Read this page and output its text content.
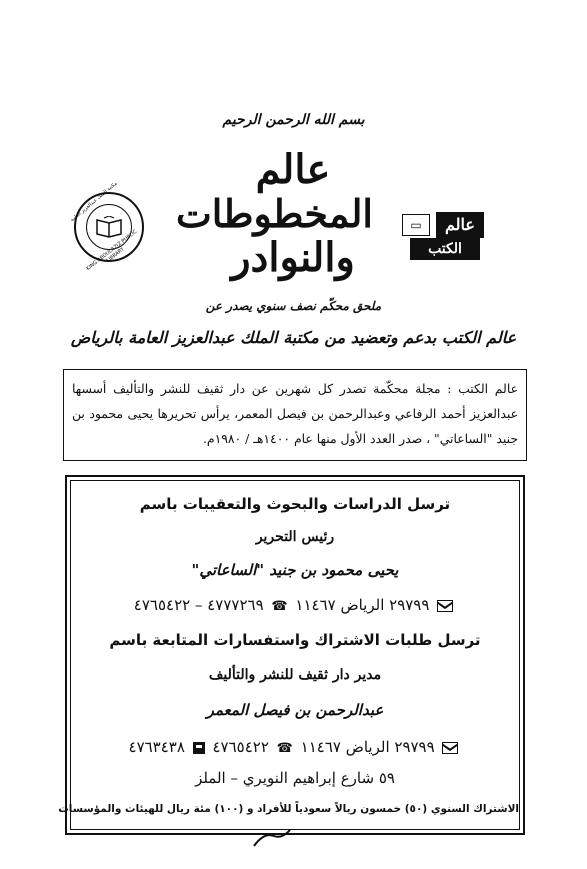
بسم الله الرحمن الرحيم
عالم
المخطوطات
والنوادر
مكتبة الملك عبدالعزيز العامة
KING ABDULAZIZ PUBLIC LIBRARY
▭	عالم
الكتب
ملحق محكّم نصف سنوي يصدر عن
عالم الكتب بدعم وتعضيد من مكتبة الملك عبدالعزيز العامة بالرياض
عالم الكتب : مجلة محكّمة تصدر كل شهرين عن دار ثقيف للنشر والتأليف أسسها عبدالعزيز أحمد الرفاعي وعبدالرحمن بن فيصل المعمر، يرأس تحريرها يحيى محمود بن جنيد "الساعاتي" ، صدر العدد الأول منها عام ١٤٠٠هـ / ١٩٨٠م.
ترسل الدراسات والبحوث والتعقيبات باسم
رئيس التحرير
يحيى محمود بن جنيد "الساعاتي"
٢٩٧٩٩ الرياض ١١٤٦٧ ☎ ٤٧٧٧٢٦٩ – ٤٧٦٥٤٢٢
ترسل طلبات الاشتراك واستفسارات المتابعة باسم
مدير دار ثقيف للنشر والتأليف
عبدالرحمن بن فيصل المعمر
٢٩٧٩٩ الرياض ١١٤٦٧ ☎ ٤٧٦٥٤٢٢  ٤٧٦٣٤٣٨
٥٩ شارع إبراهيم النويري – الملز
الاشتراك السنوي (٥٠) خمسون ريالاً سعودياً للأفراد و (١٠٠) مئة ريال للهيئات والمؤسسات
